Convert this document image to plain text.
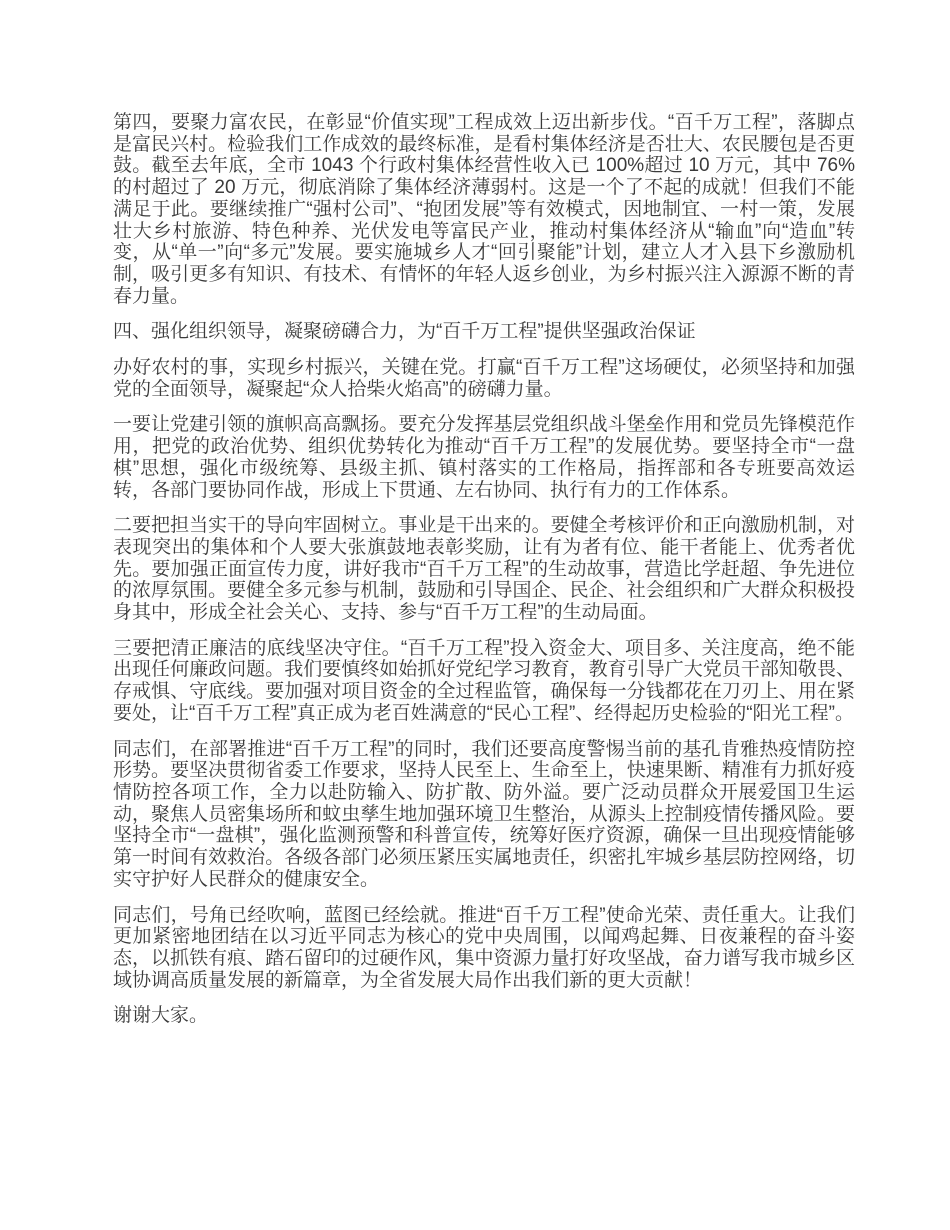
第四，要聚力富农民，在彰显“价值实现”工程成效上迈出新步伐。“百千万工程”，落脚点是富民兴村。检验我们工作成效的最终标准，是看村集体经济是否壮大、农民腰包是否更鼓。截至去年底，全市 1043 个行政村集体经营性收入已 100%超过 10 万元，其中 76%的村超过了 20 万元，彻底消除了集体经济薄弱村。这是一个了不起的成就！但我们不能满足于此。要继续推广“强村公司”、“抱团发展”等有效模式，因地制宜、一村一策，发展壮大乡村旅游、特色种养、光伏发电等富民产业，推动村集体经济从“输血”向“造血”转变，从“单一”向“多元”发展。要实施城乡人才“回引聚能”计划，建立人才入县下乡激励机制，吸引更多有知识、有技术、有情怀的年轻人返乡创业，为乡村振兴注入源源不断的青春力量。

四、强化组织领导，凝聚磅礴合力，为“百千万工程”提供坚强政治保证

办好农村的事，实现乡村振兴，关键在党。打赢“百千万工程”这场硬仗，必须坚持和加强党的全面领导，凝聚起“众人拾柴火焰高”的磅礴力量。

一要让党建引领的旗帜高高飘扬。要充分发挥基层党组织战斗堡垒作用和党员先锋模范作用，把党的政治优势、组织优势转化为推动“百千万工程”的发展优势。要坚持全市“一盘棋”思想，强化市级统筹、县级主抓、镇村落实的工作格局，指挥部和各专班要高效运转，各部门要协同作战，形成上下贯通、左右协同、执行有力的工作体系。

二要把担当实干的导向牢固树立。事业是干出来的。要健全考核评价和正向激励机制，对表现突出的集体和个人要大张旗鼓地表彰奖励，让有为者有位、能干者能上、优秀者优先。要加强正面宣传力度，讲好我市“百千万工程”的生动故事，营造比学赶超、争先进位的浓厚氛围。要健全多元参与机制，鼓励和引导国企、民企、社会组织和广大群众积极投身其中，形成全社会关心、支持、参与“百千万工程”的生动局面。

三要把清正廉洁的底线坚决守住。“百千万工程”投入资金大、项目多、关注度高，绝不能出现任何廉政问题。我们要慎终如始抓好党纪学习教育，教育引导广大党员干部知敬畏、存戒惧、守底线。要加强对项目资金的全过程监管，确保每一分钱都花在刀刃上、用在紧要处，让“百千万工程”真正成为老百姓满意的“民心工程”、经得起历史检验的“阳光工程”。

同志们，在部署推进“百千万工程”的同时，我们还要高度警惕当前的基孔肯雅热疫情防控形势。要坚决贯彻省委工作要求，坚持人民至上、生命至上，快速果断、精准有力抓好疫情防控各项工作，全力以赴防输入、防扩散、防外溢。要广泛动员群众开展爱国卫生运动，聚焦人员密集场所和蚊虫孳生地加强环境卫生整治，从源头上控制疫情传播风险。要坚持全市“一盘棋”，强化监测预警和科普宣传，统筹好医疗资源，确保一旦出现疫情能够第一时间有效救治。各级各部门必须压紧压实属地责任，织密扎牢城乡基层防控网络，切实守护好人民群众的健康安全。

同志们，号角已经吹响，蓝图已经绘就。推进“百千万工程”使命光荣、责任重大。让我们更加紧密地团结在以习近平同志为核心的党中央周围，以闻鸡起舞、日夜兼程的奋斗姿态，以抓铁有痕、踏石留印的过硬作风，集中资源力量打好攻坚战，奋力谱写我市城乡区域协调高质量发展的新篇章，为全省发展大局作出我们新的更大贡献！

谢谢大家。
